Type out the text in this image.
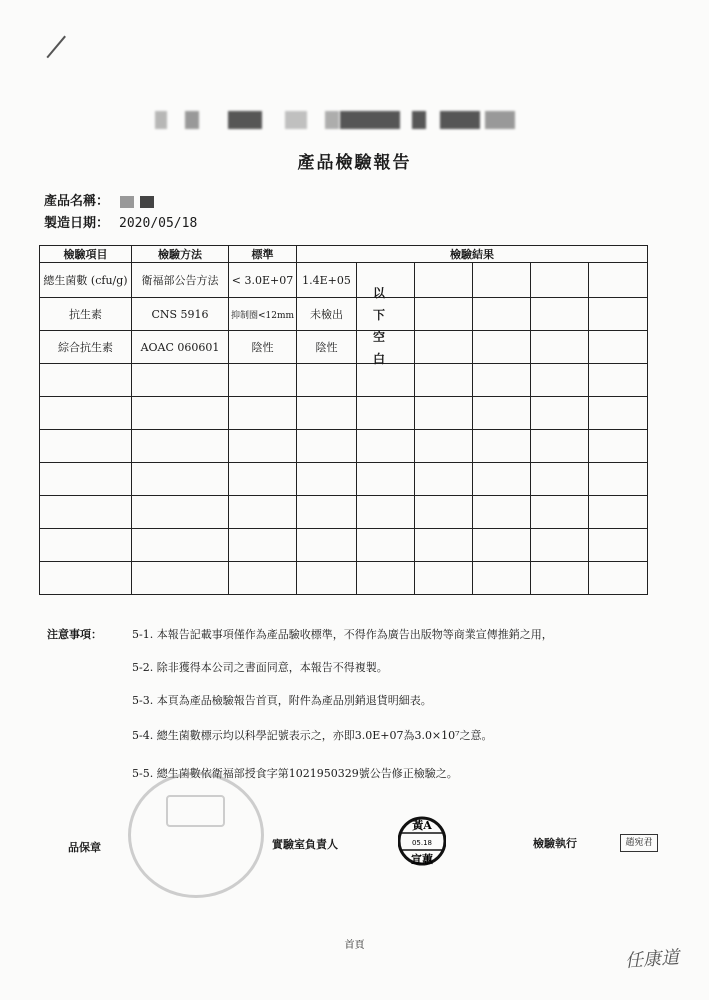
產品檢驗報告
產品名稱：
製造日期： 2020/05/18
檢驗項目	檢驗方法	標準	檢驗結果					
總生菌數 (cfu/g)	衛福部公告方法	< 3.0E+07	1.4E+05					
抗生素	CNS 5916	抑制圈<12mm	未檢出					
綜合抗生素	AOAC 060601	陰性	陰性					

以
下
空
白
注意事項：	5-1. 本報告記載事項僅作為產品驗收標準，不得作為廣告出版物等商業宣傳推銷之用，
5-2. 除非獲得本公司之書面同意，本報告不得複製。
5-3. 本頁為產品檢驗報告首頁，附件為產品別銷退貨明細表。
5-4. 總生菌數標示均以科學記號表示之，亦即3.0E+07為3.0×10⁷之意。
5-5. 總生菌數依衛福部授食字第1021950329號公告修正檢驗之。
品保章	實驗室負責人	檢驗執行
黃A
05.18
宣蕙
趙宛君
首頁
任康道
